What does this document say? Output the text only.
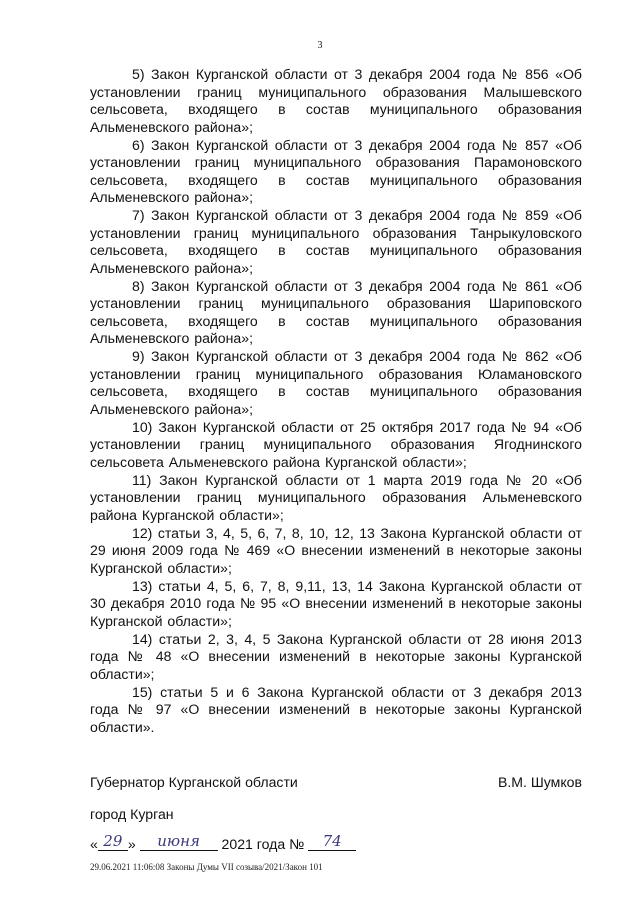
3

5) Закон Курганской области от 3 декабря 2004 года № 856 «Об установлении границ муниципального образования Малышевского сельсовета, входящего в состав муниципального образования Альменевского района»;

6) Закон Курганской области от 3 декабря 2004 года № 857 «Об установлении границ муниципального образования Парамоновского сельсовета, входящего в состав муниципального образования Альменевского района»;

7) Закон Курганской области от 3 декабря 2004 года № 859 «Об установлении границ муниципального образования Танрыкуловского сельсовета, входящего в состав муниципального образования Альменевского района»;

8) Закон Курганской области от 3 декабря 2004 года № 861 «Об установлении границ муниципального образования Шариповского сельсовета, входящего в состав муниципального образования Альменевского района»;

9) Закон Курганской области от 3 декабря 2004 года № 862 «Об установлении границ муниципального образования Юламановского сельсовета, входящего в состав муниципального образования Альменевского района»;

10) Закон Курганской области от 25 октября 2017 года № 94 «Об установлении границ муниципального образования Ягоднинского сельсовета Альменевского района Курганской области»;

11) Закон Курганской области от 1 марта 2019 года № 20 «Об установлении границ муниципального образования Альменевского района Курганской области»;

12) статьи 3, 4, 5, 6, 7, 8, 10, 12, 13 Закона Курганской области от 29 июня 2009 года № 469 «О внесении изменений в некоторые законы Курганской области»;

13) статьи 4, 5, 6, 7, 8, 9,11, 13, 14 Закона Курганской области от 30 декабря 2010 года № 95 «О внесении изменений в некоторые законы Курганской области»;

14) статьи 2, 3, 4, 5 Закона Курганской области от 28 июня 2013 года № 48 «О внесении изменений в некоторые законы Курганской области»;

15) статьи 5 и 6 Закона Курганской области от 3 декабря 2013 года № 97 «О внесении изменений в некоторые законы Курганской области».

Губернатор Курганской области	В.М. Шумков
город Курган
« 29 » июня 2021 года № 74
29.06.2021 11:06:08 Законы Думы VII созыва/2021/Закон 101
